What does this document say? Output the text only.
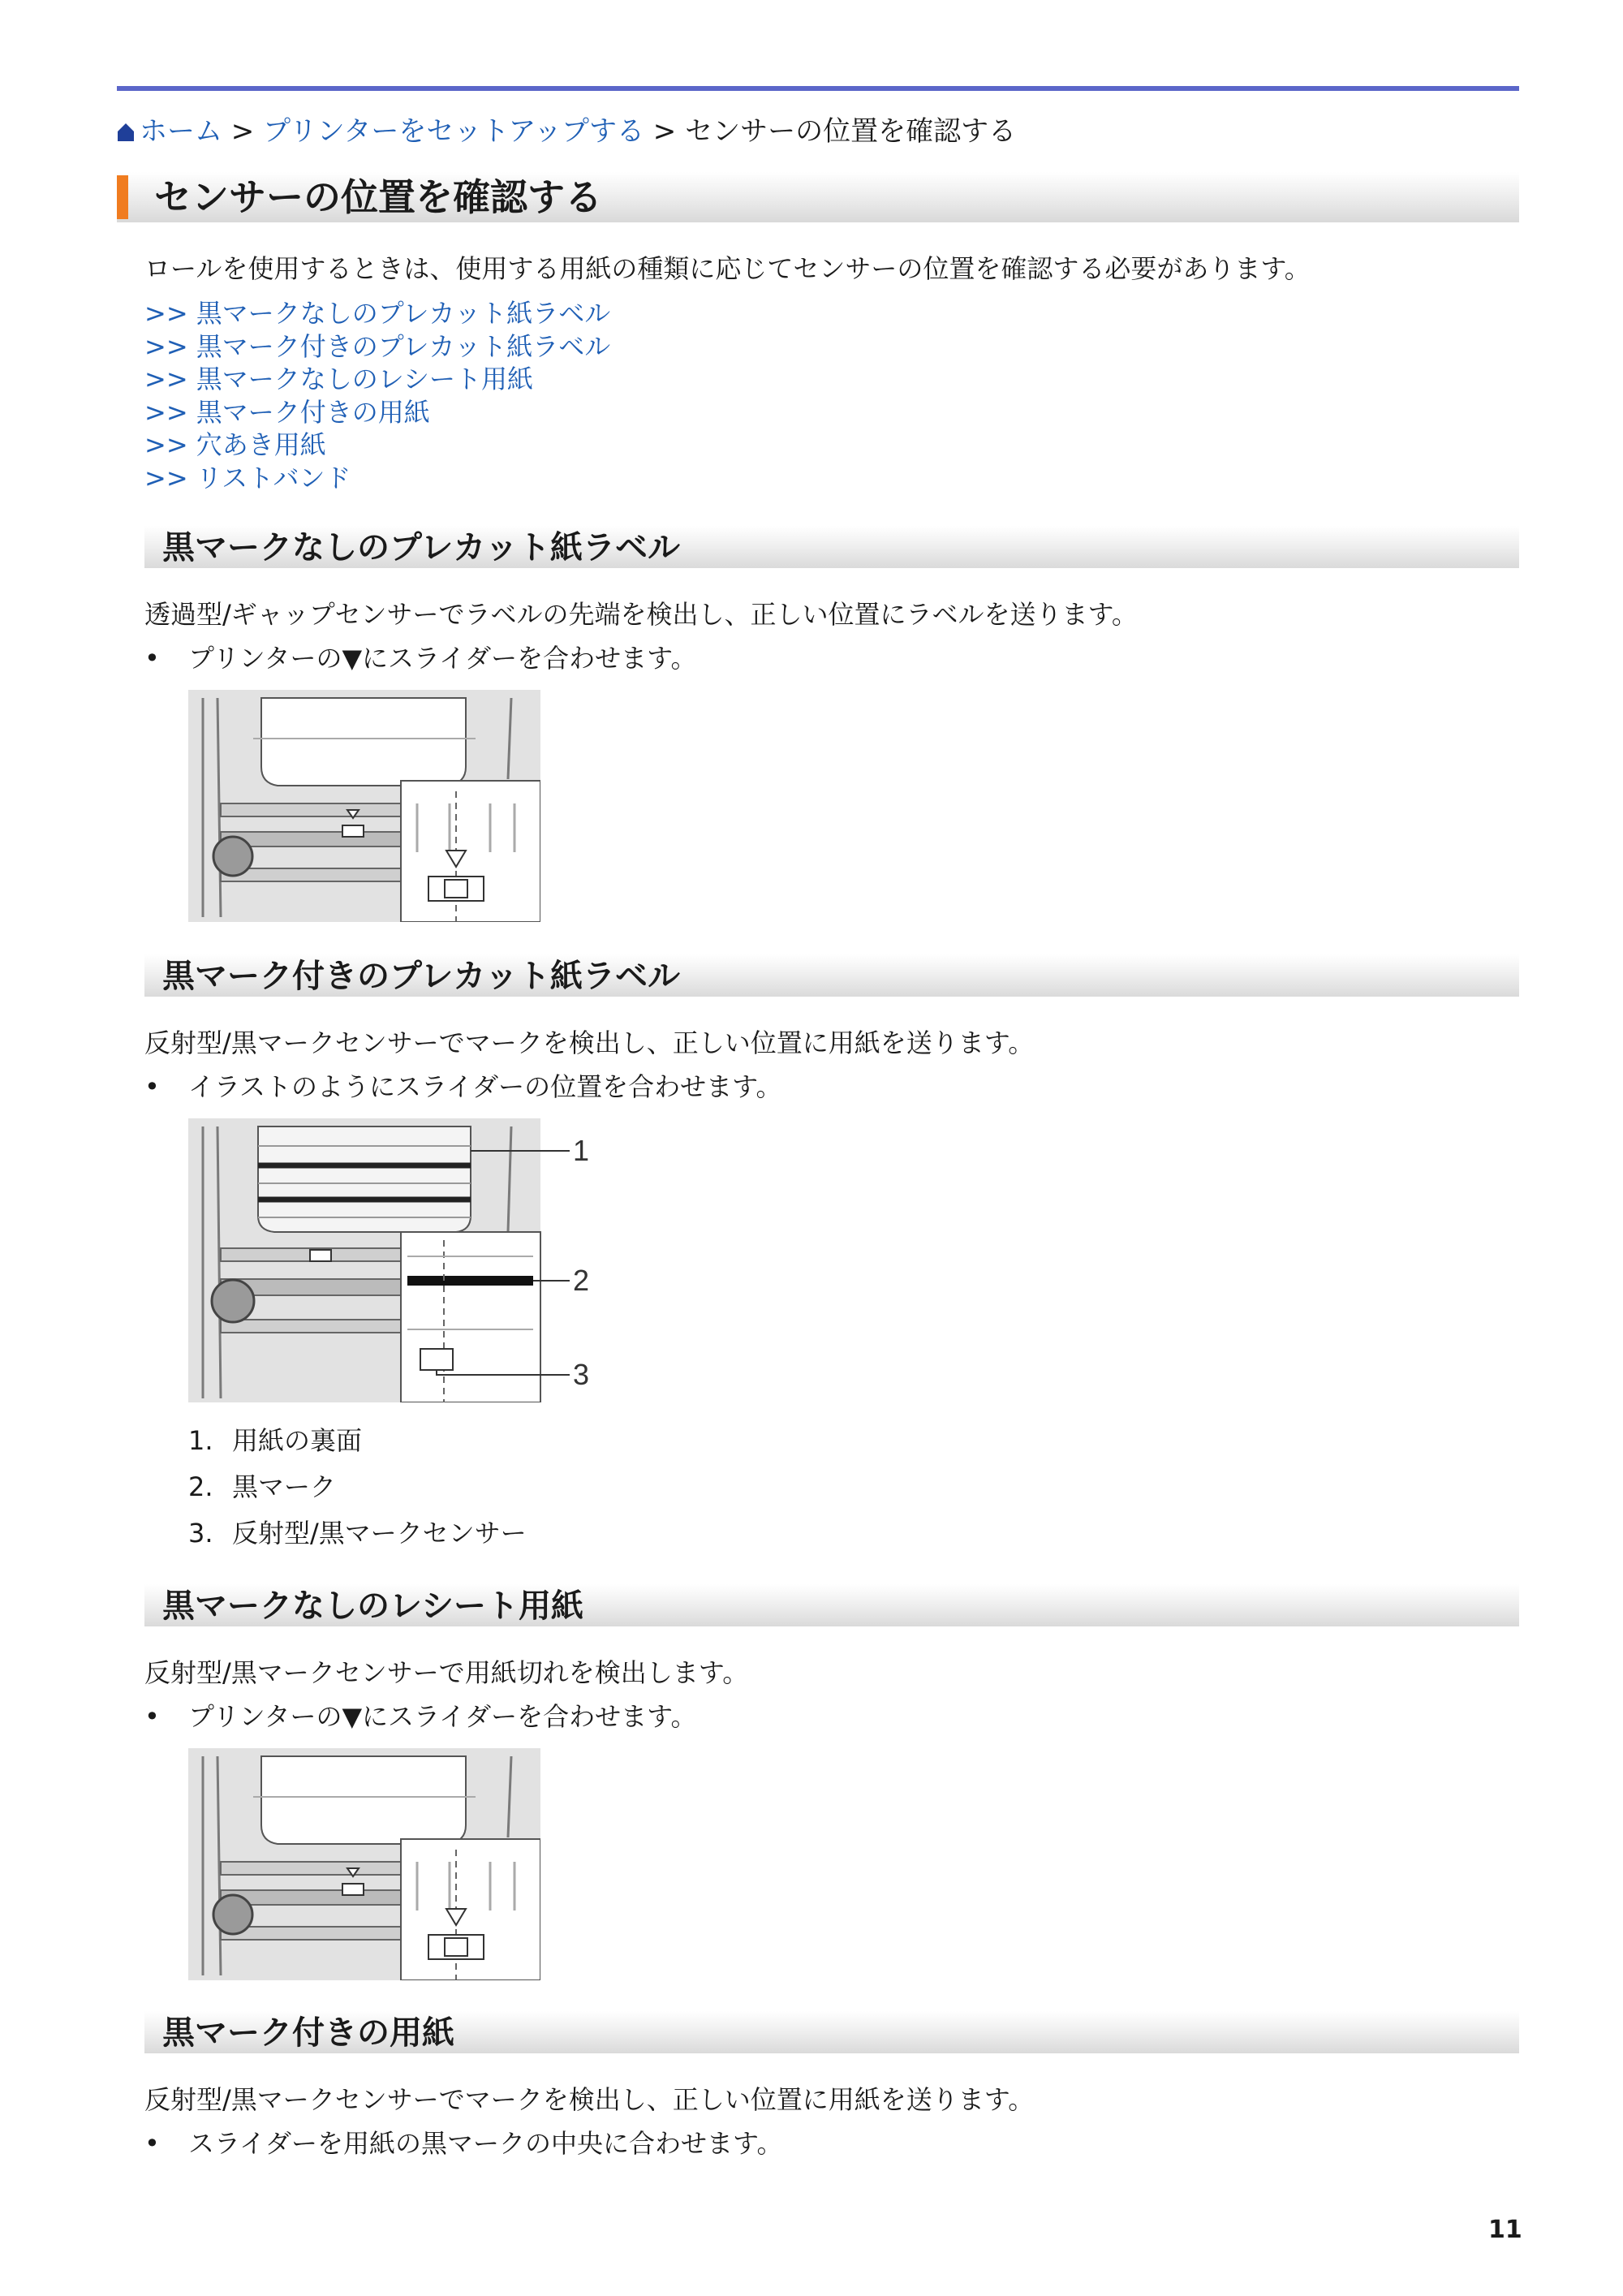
ホーム > プリンターをセットアップする > センサーの位置を確認する
センサーの位置を確認する
ロールを使用するときは、使用する用紙の種類に応じてセンサーの位置を確認する必要があります。
>> 黒マークなしのプレカット紙ラベル
>> 黒マーク付きのプレカット紙ラベル
>> 黒マークなしのレシート用紙
>> 黒マーク付きの用紙
>> 穴あき用紙
>> リストバンド
黒マークなしのプレカット紙ラベル
透過型/ギャップセンサーでラベルの先端を検出し、正しい位置にラベルを送ります。
• プリンターの▼にスライダーを合わせます。
黒マーク付きのプレカット紙ラベル
反射型/黒マークセンサーでマークを検出し、正しい位置に用紙を送ります。
• イラストのようにスライダーの位置を合わせます。
1
2
3
1. 用紙の裏面
2. 黒マーク
3. 反射型/黒マークセンサー
黒マークなしのレシート用紙
反射型/黒マークセンサーで用紙切れを検出します。
• プリンターの▼にスライダーを合わせます。
黒マーク付きの用紙
反射型/黒マークセンサーでマークを検出し、正しい位置に用紙を送ります。
• スライダーを用紙の黒マークの中央に合わせます。
11
